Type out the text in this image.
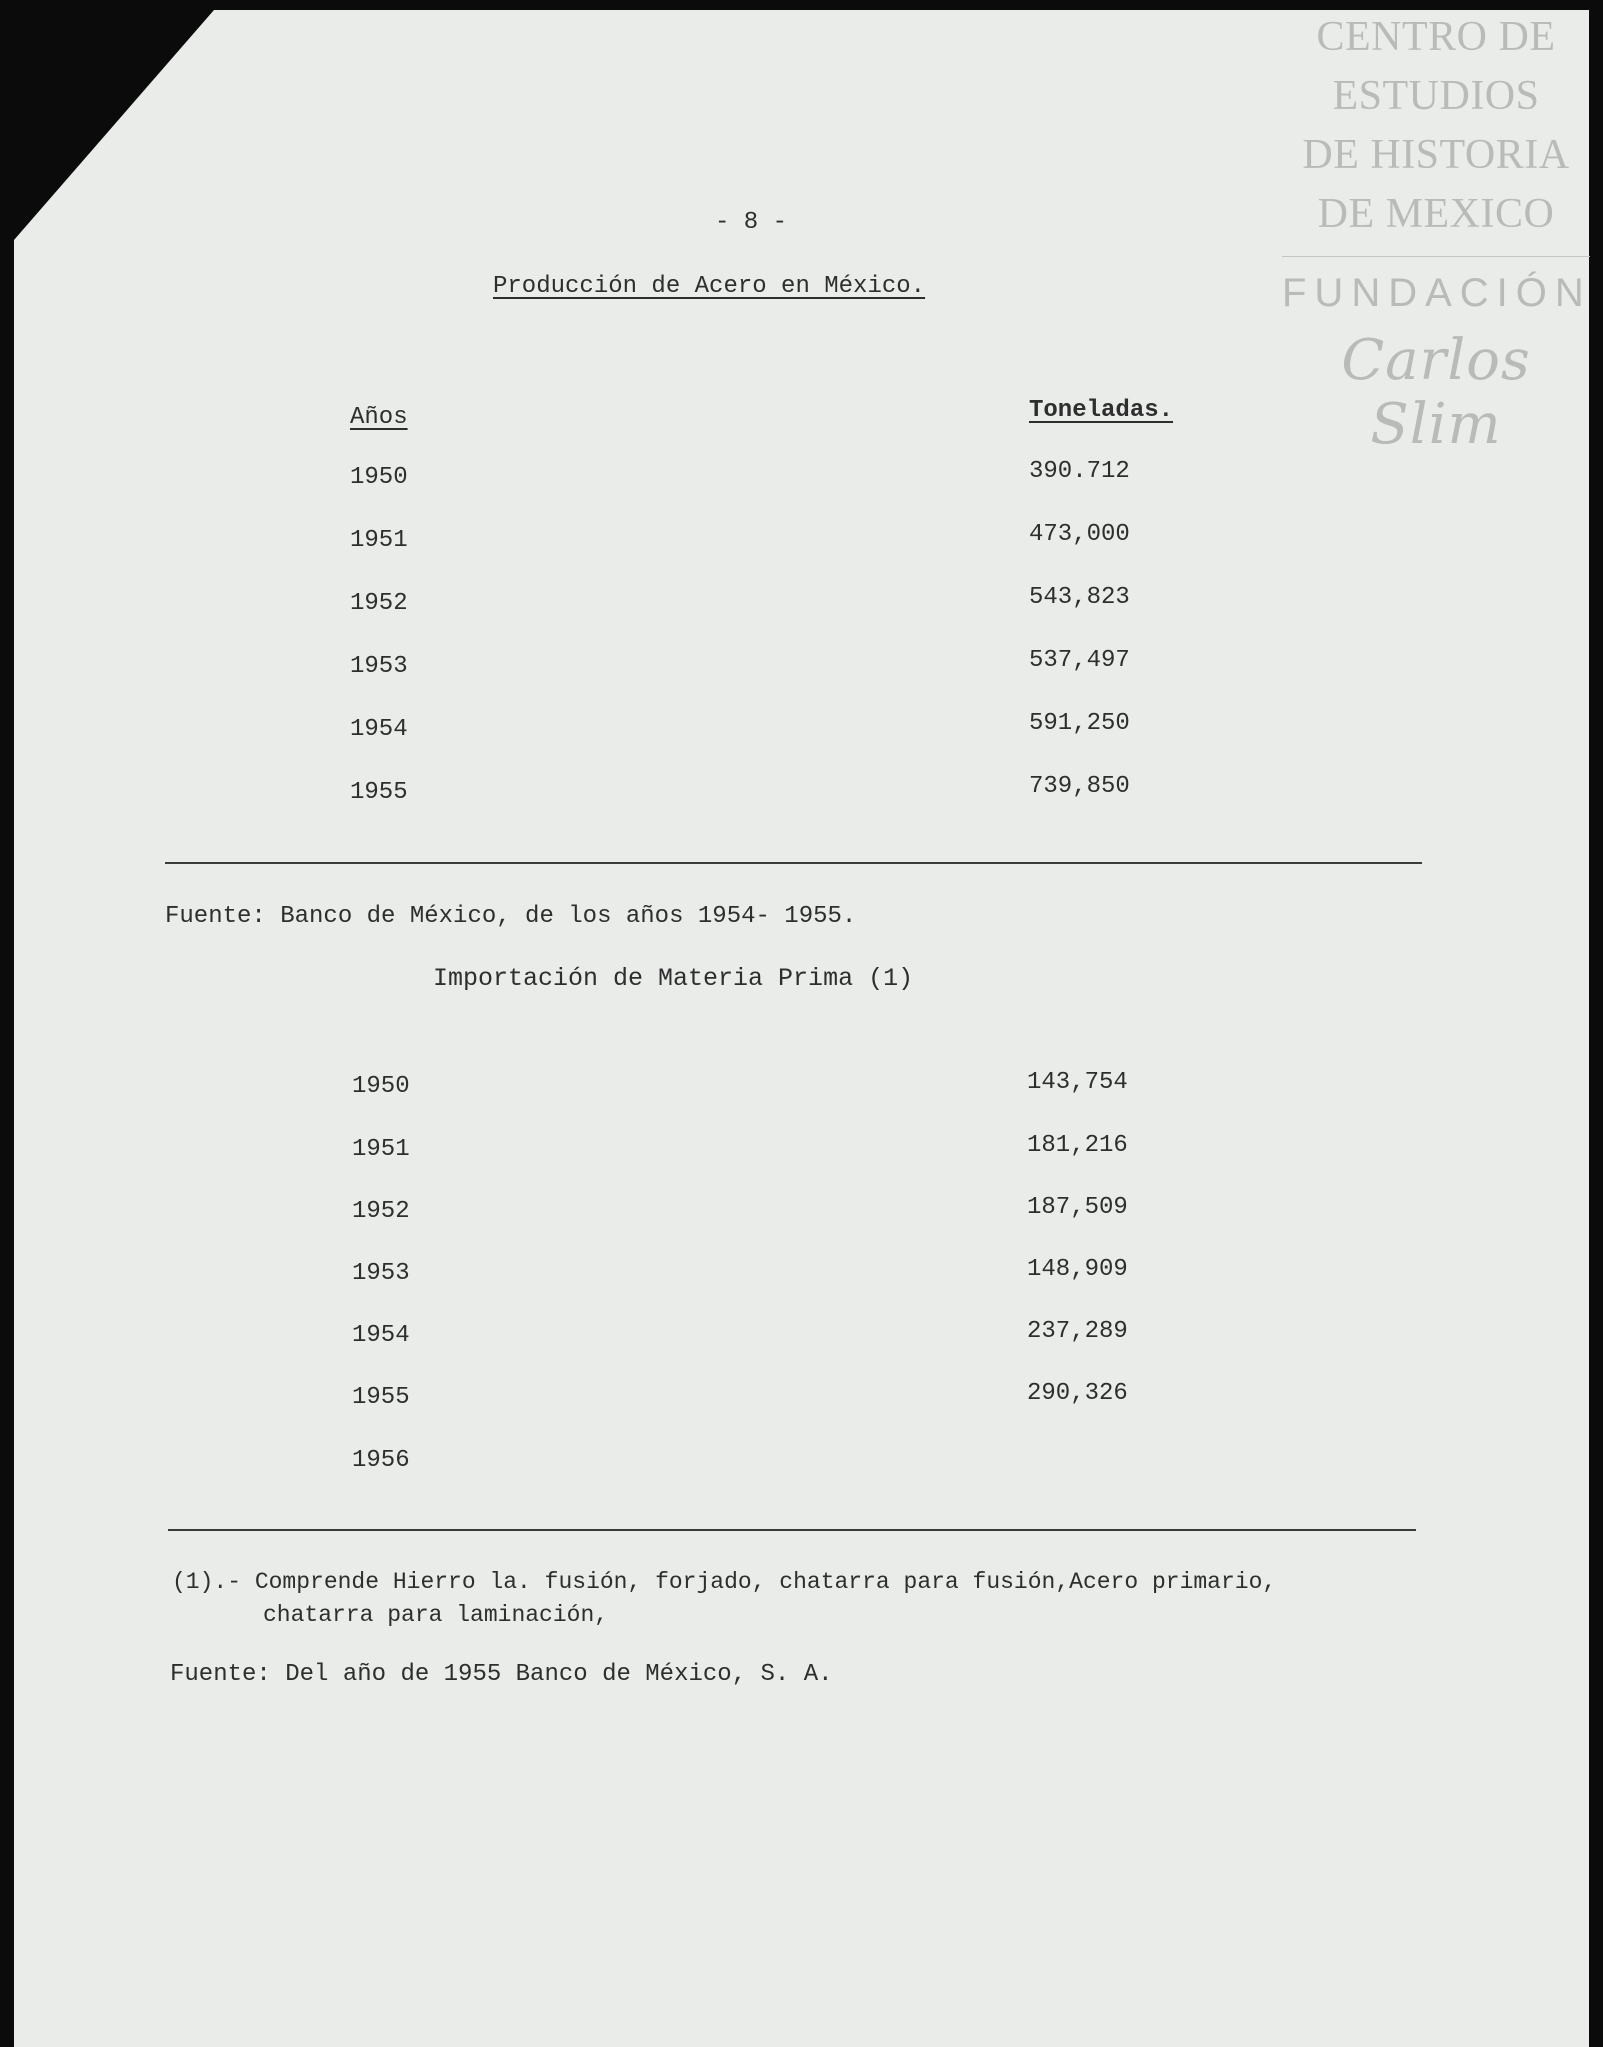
CENTRO DE
ESTUDIOS
DE HISTORIA
DE MEXICO
FUNDACIÓN
Carlos Slim
- 8 -
Producción de Acero en México.
Años	Toneladas.
1950	390.712
1951	473,000
1952	543,823
1953	537,497
1954	591,250
1955	739,850
Fuente: Banco de México, de los años 1954- 1955.
Importación de Materia Prima (1)
1950	143,754
1951	181,216
1952	187,509
1953	148,909
1954	237,289
1955	290,326
1956
(1).- Comprende Hierro la. fusión, forjado, chatarra para fusión,Acero primario,
chatarra para laminación,
Fuente: Del año de 1955 Banco de México, S. A.
